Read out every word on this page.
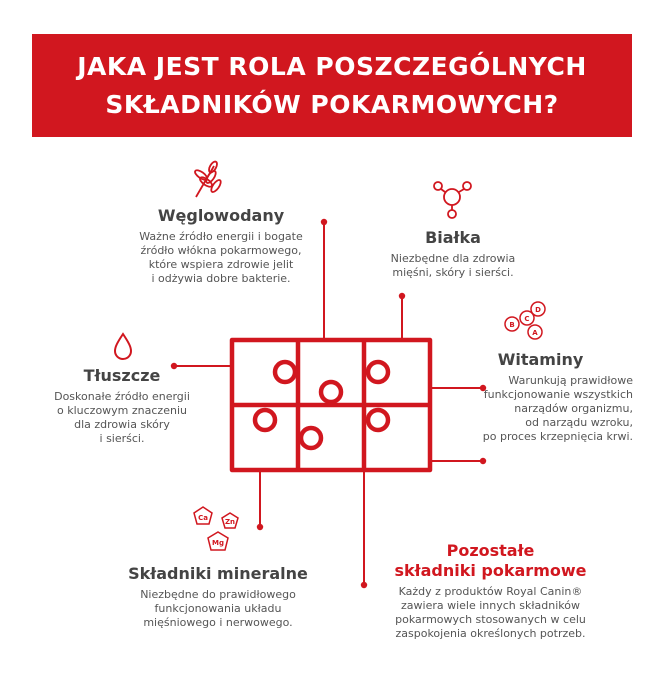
JAKA JEST ROLA POSZCZEGÓLNYCH
SKŁADNIKÓW POKARMOWYCH?
B
C
D
A
Ca Zn
Mg
Węglowodany
Ważne źródło energii i bogate
źródło włókna pokarmowego,
które wspiera zdrowie jelit
i odżywia dobre bakterie.
Białka
Niezbędne dla zdrowia
mięśni, skóry i sierści.
Tłuszcze
Doskonałe źródło energii
o kluczowym znaczeniu
dla zdrowia skóry
i sierści.
Witaminy
Warunkują prawidłowe
funkcjonowanie wszystkich
narządów organizmu,
od narządu wzroku,
po proces krzepnięcia krwi.
Składniki mineralne
Niezbędne do prawidłowego
funkcjonowania układu
mięśniowego i nerwowego.
Pozostałe
składniki pokarmowe
Każdy z produktów Royal Canin®
zawiera wiele innych składników
pokarmowych stosowanych w celu
zaspokojenia określonych potrzeb.
